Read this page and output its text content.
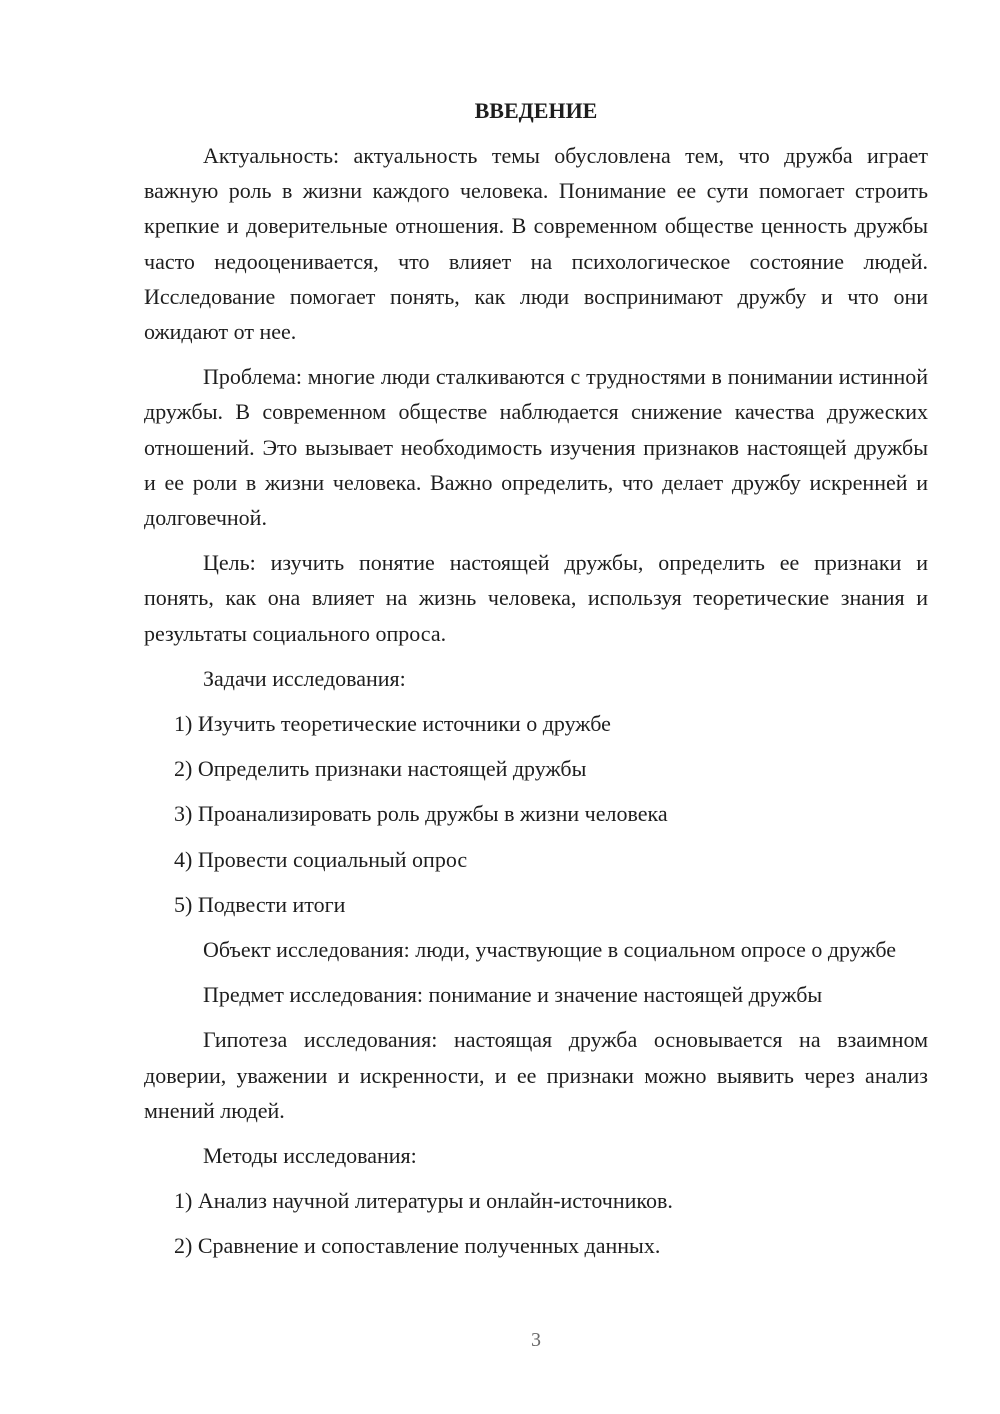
ВВЕДЕНИЕ

Актуальность: актуальность темы обусловлена тем, что дружба играет важную роль в жизни каждого человека. Понимание ее сути помогает строить крепкие и доверительные отношения. В современном обществе ценность дружбы часто недооценивается, что влияет на психологическое состояние людей. Исследование помогает понять, как люди воспринимают дружбу и что они ожидают от нее.

Проблема: многие люди сталкиваются с трудностями в понимании истинной дружбы. В современном обществе наблюдается снижение качества дружеских отношений. Это вызывает необходимость изучения признаков настоящей дружбы и ее роли в жизни человека. Важно определить, что делает дружбу искренней и долговечной.

Цель: изучить понятие настоящей дружбы, определить ее признаки и понять, как она влияет на жизнь человека, используя теоретические знания и результаты социального опроса.

Задачи исследования:

1) Изучить теоретические источники о дружбе
2) Определить признаки настоящей дружбы
3) Проанализировать роль дружбы в жизни человека
4) Провести социальный опрос
5) Подвести итоги

Объект исследования: люди, участвующие в социальном опросе о дружбе

Предмет исследования: понимание и значение настоящей дружбы

Гипотеза исследования: настоящая дружба основывается на взаимном доверии, уважении и искренности, и ее признаки можно выявить через анализ мнений людей.

Методы исследования:

1) Анализ научной литературы и онлайн-источников.
2) Сравнение и сопоставление полученных данных.
3
